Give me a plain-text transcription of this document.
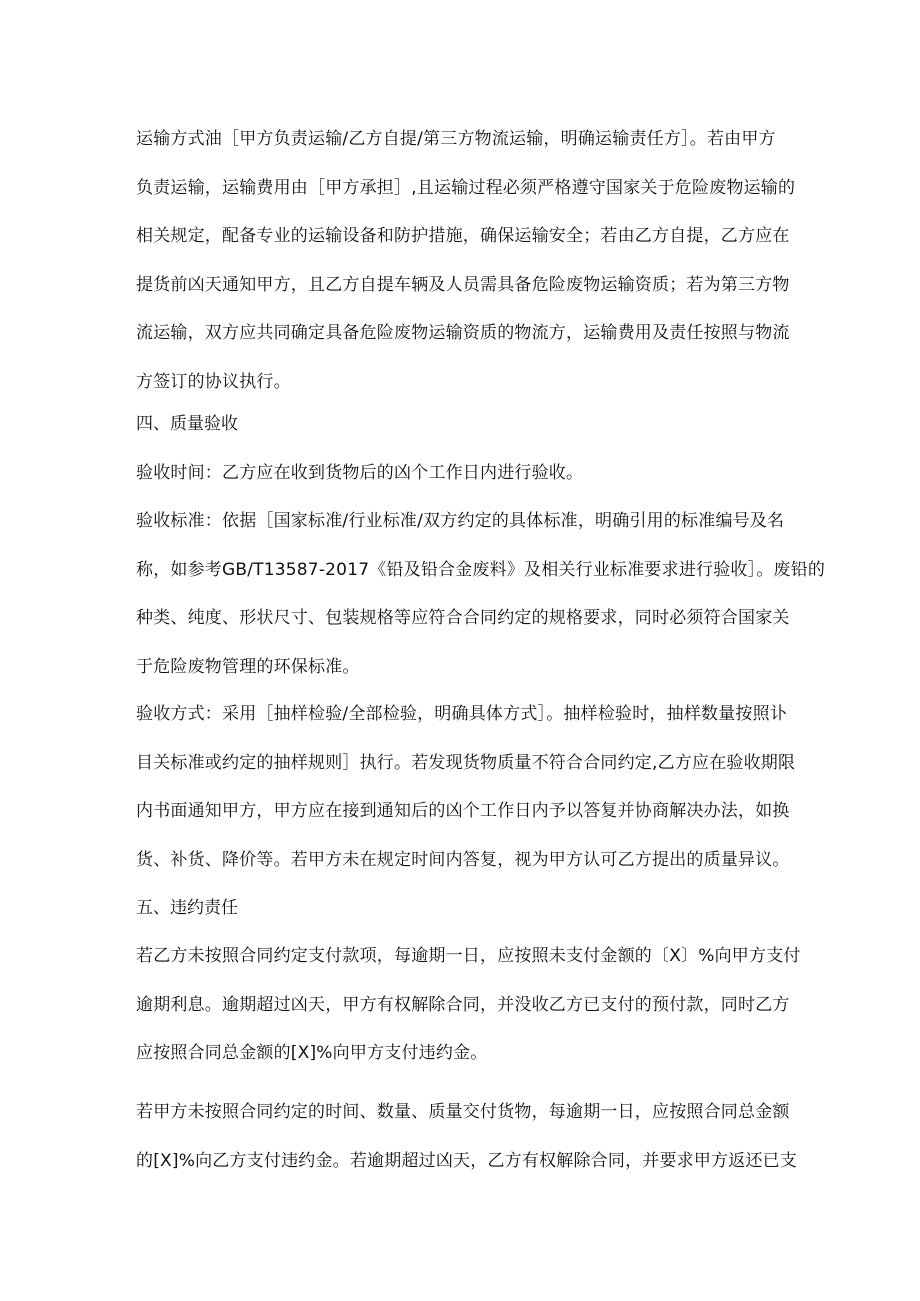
运输方式油［甲方负责运输/乙方自提/第三方物流运输，明确运输责任方］。若由甲方
负责运输，运输费用由［甲方承担］,且运输过程必须严格遵守国家关于危险废物运输的
相关规定，配备专业的运输设备和防护措施，确保运输安全；若由乙方自提，乙方应在
提货前凶天通知甲方，且乙方自提车辆及人员需具备危险废物运输资质；若为第三方物
流运输，双方应共同确定具备危险废物运输资质的物流方，运输费用及责任按照与物流
方签订的协议执行。
四、质量验收
验收时间：乙方应在收到货物后的凶个工作日内进行验收。
验收标准：依据［国家标准/行业标准/双方约定的具体标准，明确引用的标准编号及名
称，如参考GB/T13587-2017《铅及铅合金废料》及相关行业标准要求进行验收］。废铅的
种类、纯度、形状尺寸、包装规格等应符合合同约定的规格要求，同时必须符合国家关
于危险废物管理的环保标准。
验收方式：采用［抽样检验/全部检验，明确具体方式］。抽样检验时，抽样数量按照讣
目关标准或约定的抽样规则］执行。若发现货物质量不符合合同约定,乙方应在验收期限
内书面通知甲方，甲方应在接到通知后的凶个工作日内予以答复并协商解决办法，如换
货、补货、降价等。若甲方未在规定时间内答复，视为甲方认可乙方提出的质量异议。
五、违约责任
若乙方未按照合同约定支付款项，每逾期一日，应按照未支付金额的〔X〕%向甲方支付
逾期利息。逾期超过凶天，甲方有权解除合同，并没收乙方已支付的预付款，同时乙方
应按照合同总金额的[X]%向甲方支付违约金。
若甲方未按照合同约定的时间、数量、质量交付货物，每逾期一日，应按照合同总金额
的[X]%向乙方支付违约金。若逾期超过凶天，乙方有权解除合同，并要求甲方返还已支
